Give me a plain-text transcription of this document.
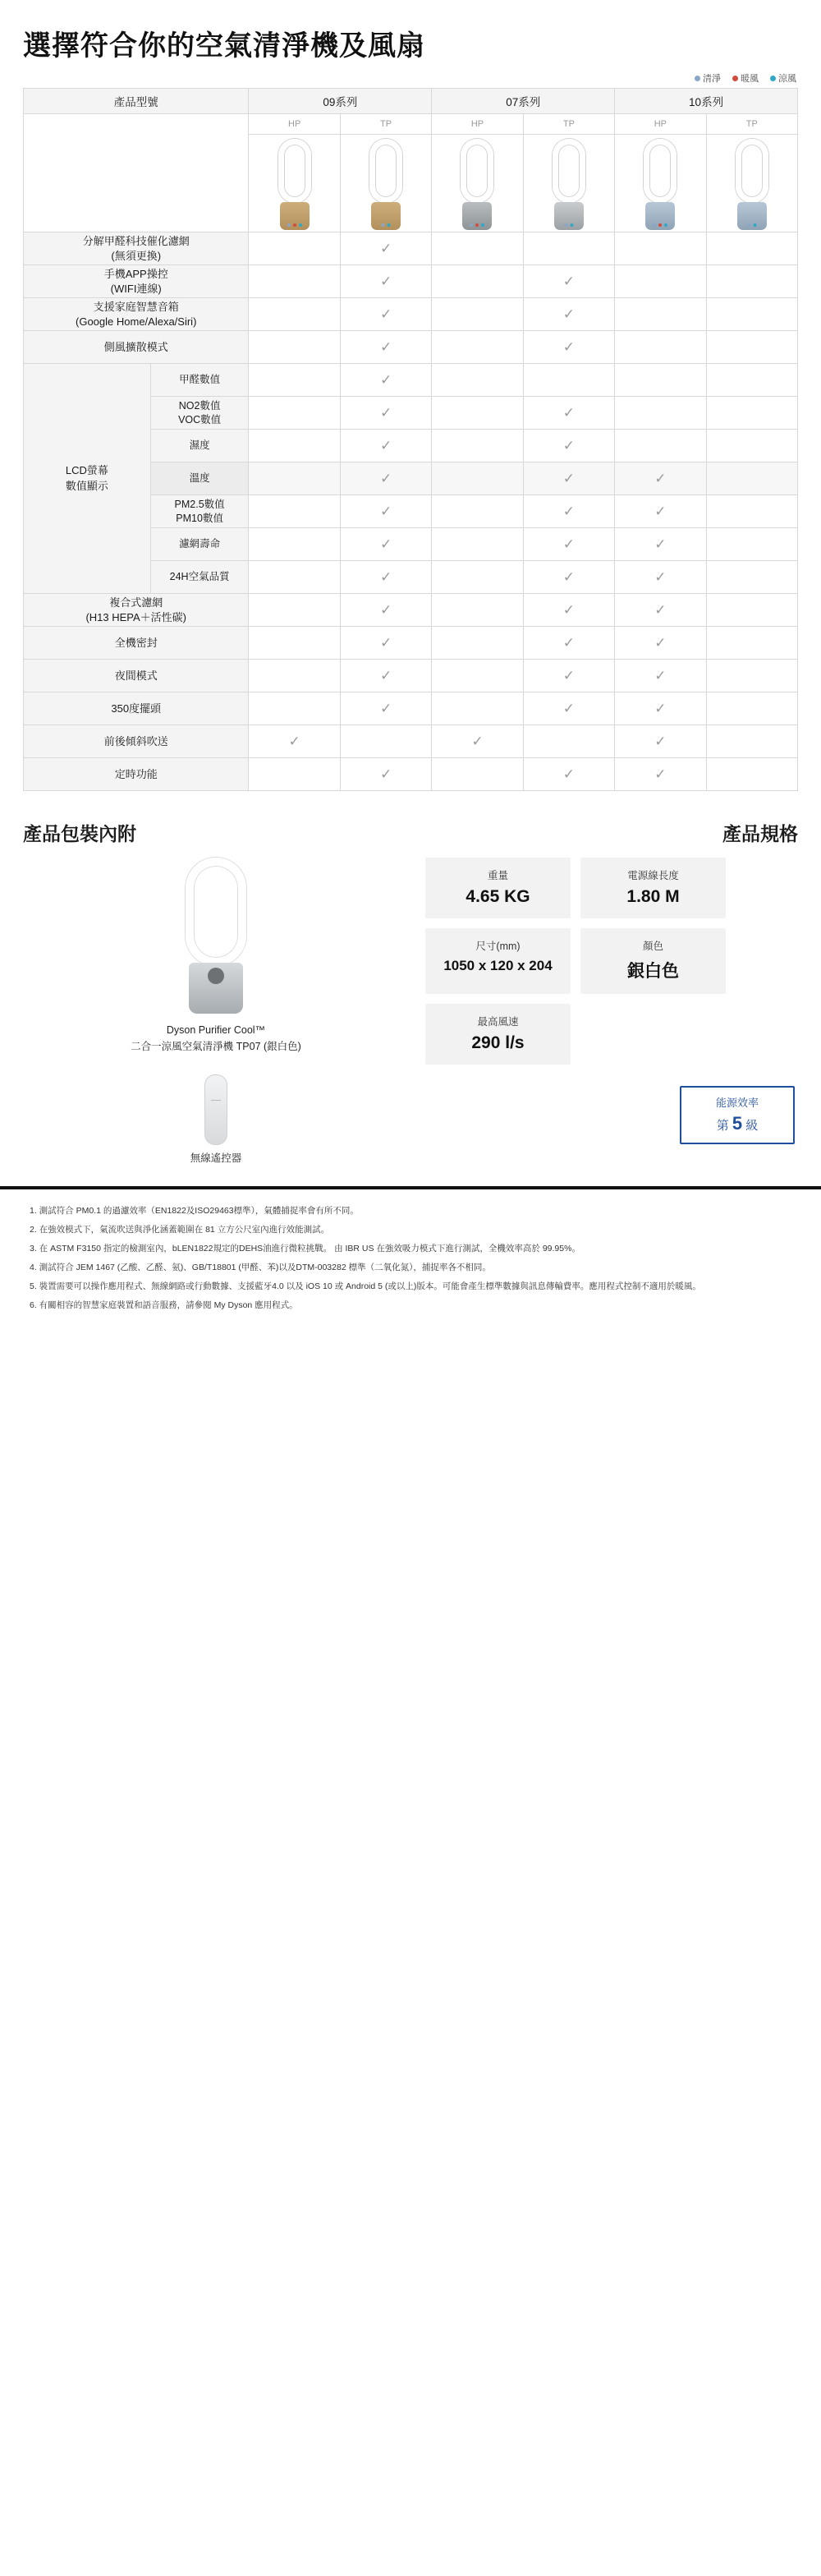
選擇符合你的空氣清淨機及風扇
清淨 暖風 涼風
產品型號		09系列		07系列		10系列	
		HP	TP	HP	TP	HP	TP

分解甲醛科技催化濾網
(無須更換)			✓				
手機APP操控
(WIFI連線)			✓		✓		
支援家庭智慧音箱
(Google Home/Alexa/Siri)			✓		✓		
側風擴散模式			✓		✓		
LCD螢幕
數值顯示	甲醛數值		✓				
	NO2數值
VOC數值		✓		✓		
	濕度		✓		✓		
	溫度		✓		✓	✓	
	PM2.5數值
PM10數值		✓		✓	✓	
	濾網壽命		✓		✓	✓	
	24H空氣品質		✓		✓	✓	
複合式濾網
(H13 HEPA＋活性碳)			✓		✓	✓	
全機密封			✓		✓	✓	
夜間模式			✓		✓	✓	
350度擺頭			✓		✓	✓	
前後傾斜吹送		✓		✓		✓	
定時功能			✓		✓	✓	
產品包裝內附	產品規格
Dyson Purifier Cool™
二合一涼風空氣清淨機 TP07 (銀白色)
無線遙控器
重量
4.65 KG
電源線長度
1.80 M
尺寸(mm)
1050 x 120 x 204
顏色
銀白色
最高風速
290 l/s
能源效率
第 5 級
1. 測試符合 PM0.1 的過濾效率（EN1822及ISO29463標準），氣體捕捉率會有所不同。
2. 在強效模式下，氣流吹送與淨化涵蓋範圍在 81 立方公尺室內進行效能測試。
3. 在 ASTM F3150 指定的檢測室內，bLEN1822規定的DEHS油進行微粒挑戰。 由 IBR US 在強效吸力模式下進行測試，全機效率高於 99.95%。
4. 測試符合 JEM 1467 (乙酸、乙醛、氨)、GB/T18801 (甲醛、苯)以及DTM-003282 標準（二氧化氮），捕捉率各不相同。
5. 裝置需要可以操作應用程式、無線網路或行動數據、支援藍牙4.0 以及 iOS 10 或 Android 5 (或以上)版本。可能會產生標準數據與訊息傳輸費率。應用程式控制不適用於暖風。
6. 有關相容的智慧家庭裝置和語音服務，請參閱 My Dyson 應用程式。
